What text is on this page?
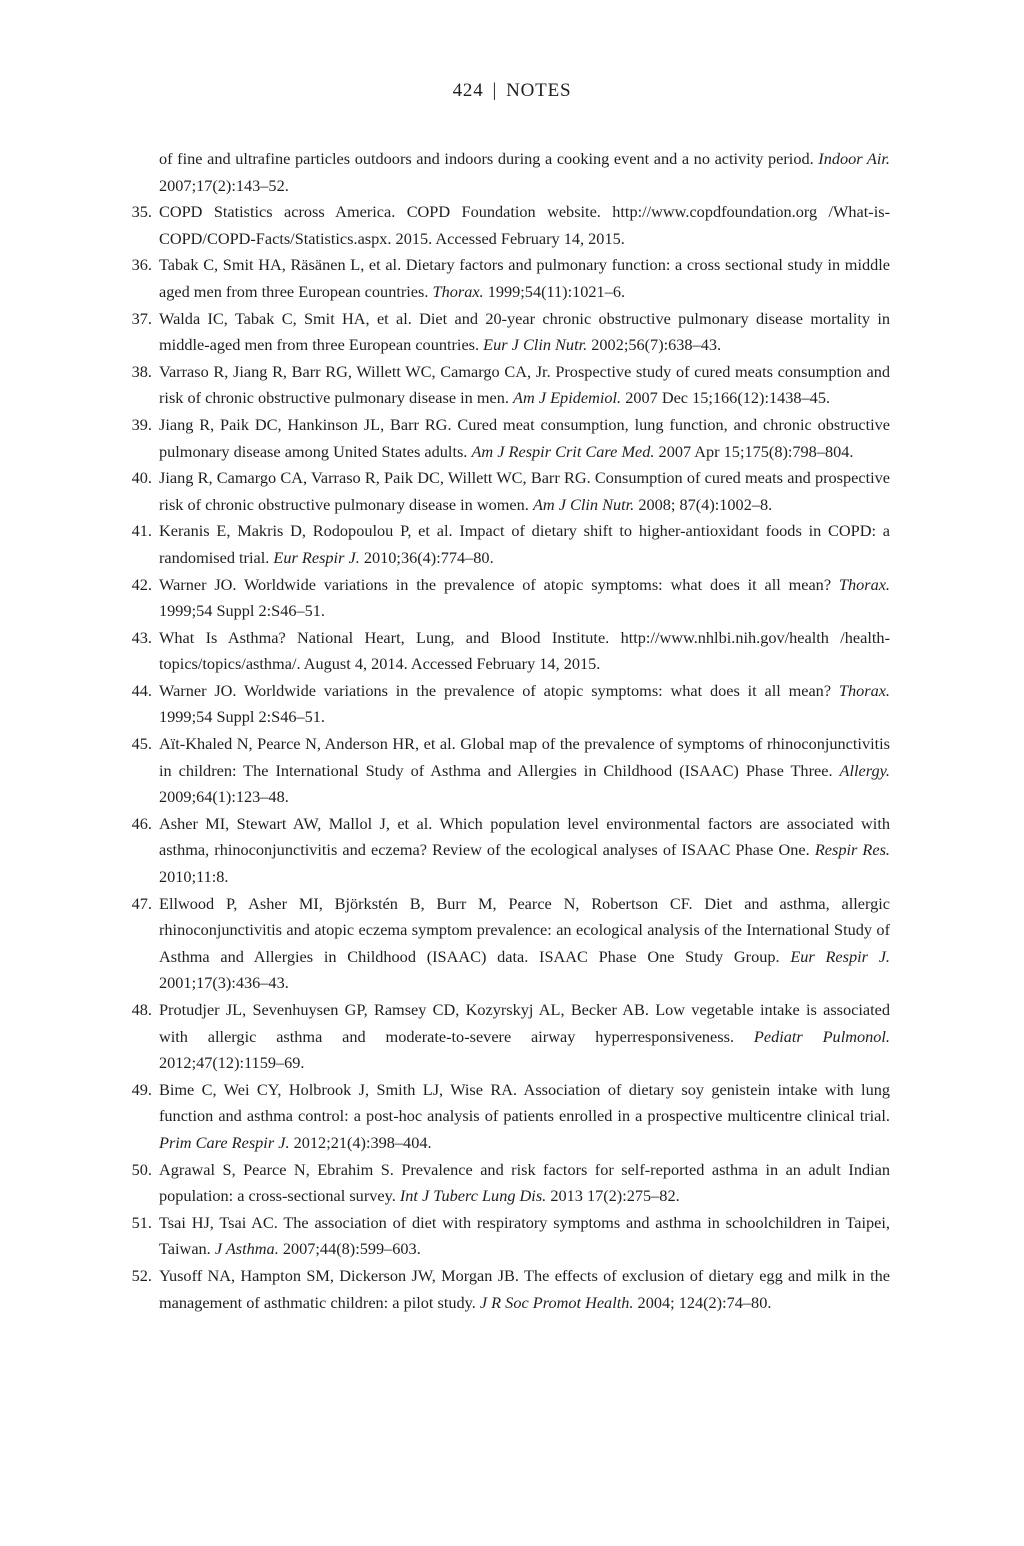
424 | NOTES
of fine and ultrafine particles outdoors and indoors during a cooking event and a no activity period. Indoor Air. 2007;17(2):143–52.
35. COPD Statistics across America. COPD Foundation website. http://www.copdfoundation.org /What-is-COPD/COPD-Facts/Statistics.aspx. 2015. Accessed February 14, 2015.
36. Tabak C, Smit HA, Räsänen L, et al. Dietary factors and pulmonary function: a cross sectional study in middle aged men from three European countries. Thorax. 1999;54(11):1021–6.
37. Walda IC, Tabak C, Smit HA, et al. Diet and 20-year chronic obstructive pulmonary disease mortality in middle-aged men from three European countries. Eur J Clin Nutr. 2002;56(7):638–43.
38. Varraso R, Jiang R, Barr RG, Willett WC, Camargo CA, Jr. Prospective study of cured meats consumption and risk of chronic obstructive pulmonary disease in men. Am J Epidemiol. 2007 Dec 15;166(12):1438–45.
39. Jiang R, Paik DC, Hankinson JL, Barr RG. Cured meat consumption, lung function, and chronic obstructive pulmonary disease among United States adults. Am J Respir Crit Care Med. 2007 Apr 15;175(8):798–804.
40. Jiang R, Camargo CA, Varraso R, Paik DC, Willett WC, Barr RG. Consumption of cured meats and prospective risk of chronic obstructive pulmonary disease in women. Am J Clin Nutr. 2008; 87(4):1002–8.
41. Keranis E, Makris D, Rodopoulou P, et al. Impact of dietary shift to higher-antioxidant foods in COPD: a randomised trial. Eur Respir J. 2010;36(4):774–80.
42. Warner JO. Worldwide variations in the prevalence of atopic symptoms: what does it all mean? Thorax. 1999;54 Suppl 2:S46–51.
43. What Is Asthma? National Heart, Lung, and Blood Institute. http://www.nhlbi.nih.gov/health /health-topics/topics/asthma/. August 4, 2014. Accessed February 14, 2015.
44. Warner JO. Worldwide variations in the prevalence of atopic symptoms: what does it all mean? Thorax. 1999;54 Suppl 2:S46–51.
45. Aït-Khaled N, Pearce N, Anderson HR, et al. Global map of the prevalence of symptoms of rhinoconjunctivitis in children: The International Study of Asthma and Allergies in Childhood (ISAAC) Phase Three. Allergy. 2009;64(1):123–48.
46. Asher MI, Stewart AW, Mallol J, et al. Which population level environmental factors are associated with asthma, rhinoconjunctivitis and eczema? Review of the ecological analyses of ISAAC Phase One. Respir Res. 2010;11:8.
47. Ellwood P, Asher MI, Björkstén B, Burr M, Pearce N, Robertson CF. Diet and asthma, allergic rhinoconjunctivitis and atopic eczema symptom prevalence: an ecological analysis of the International Study of Asthma and Allergies in Childhood (ISAAC) data. ISAAC Phase One Study Group. Eur Respir J. 2001;17(3):436–43.
48. Protudjer JL, Sevenhuysen GP, Ramsey CD, Kozyrskyj AL, Becker AB. Low vegetable intake is associated with allergic asthma and moderate-to-severe airway hyperresponsiveness. Pediatr Pulmonol. 2012;47(12):1159–69.
49. Bime C, Wei CY, Holbrook J, Smith LJ, Wise RA. Association of dietary soy genistein intake with lung function and asthma control: a post-hoc analysis of patients enrolled in a prospective multicentre clinical trial. Prim Care Respir J. 2012;21(4):398–404.
50. Agrawal S, Pearce N, Ebrahim S. Prevalence and risk factors for self-reported asthma in an adult Indian population: a cross-sectional survey. Int J Tuberc Lung Dis. 2013 17(2):275–82.
51. Tsai HJ, Tsai AC. The association of diet with respiratory symptoms and asthma in schoolchildren in Taipei, Taiwan. J Asthma. 2007;44(8):599–603.
52. Yusoff NA, Hampton SM, Dickerson JW, Morgan JB. The effects of exclusion of dietary egg and milk in the management of asthmatic children: a pilot study. J R Soc Promot Health. 2004; 124(2):74–80.
